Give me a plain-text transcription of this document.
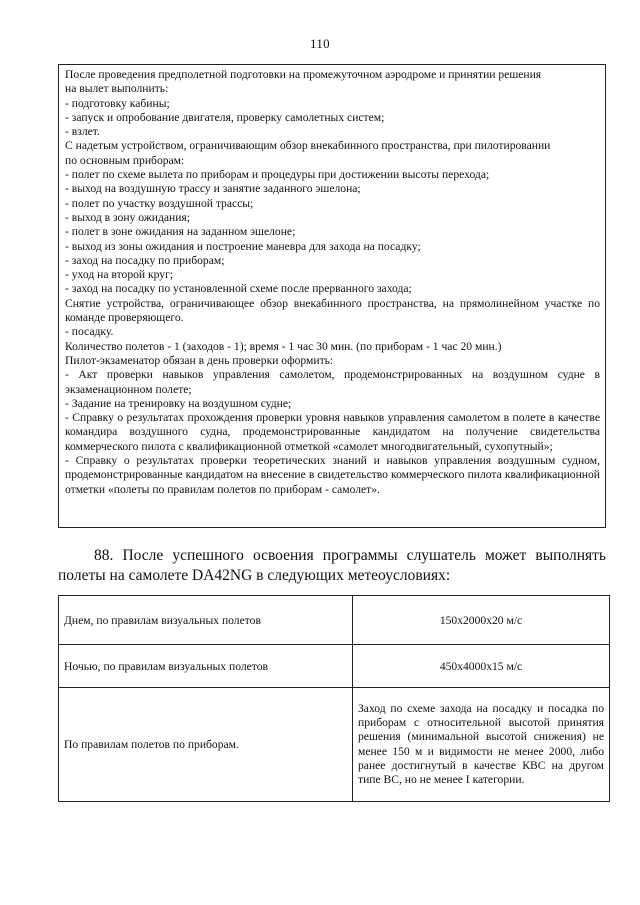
110
После проведения предполетной подготовки на промежуточном аэродроме и принятии решения
на вылет выполнить:
- подготовку кабины;
- запуск и опробование двигателя, проверку самолетных систем;
- взлет.
С надетым устройством, ограничивающим обзор внекабинного пространства, при пилотировании
по основным приборам:
- полет по схеме вылета по приборам и процедуры при достижении высоты перехода;
- выход на воздушную трассу и занятие заданного эшелона;
- полет по участку воздушной трассы;
- выход в зону ожидания;
- полет в зоне ожидания на заданном эшелоне;
- выход из зоны ожидания и построение маневра для захода на посадку;
- заход на посадку по приборам;
- уход на второй круг;
- заход на посадку по установленной схеме после прерванного захода;
Снятие устройства, ограничивающее обзор внекабинного пространства, на прямолинейном участке по команде проверяющего.
- посадку.
Количество полетов - 1 (заходов - 1); время - 1 час 30 мин. (по приборам - 1 час 20 мин.)
Пилот-экзаменатор обязан в день проверки оформить:
- Акт проверки навыков управления самолетом, продемонстрированных на воздушном судне в экзаменационном полете;
- Задание на тренировку на воздушном судне;
- Справку о результатах прохождения проверки уровня навыков управления самолетом в полете в качестве командира воздушного судна, продемонстрированные кандидатом на получение свидетельства коммерческого пилота с квалификационной отметкой «самолет многодвигательный, сухопутный»;
- Справку о результатах проверки теоретических знаний и навыков управления воздушным судном, продемонстрированные кандидатом на внесение в свидетельство коммерческого пилота квалификационной отметки «полеты по правилам полетов по приборам - самолет».
88. После успешного освоения программы слушатель может выполнять
полеты на самолете DA42NG в следующих метеоусловиях:
Днем, по правилам визуальных полетов	150х2000х20 м/с
Ночью, по правилам визуальных полетов	450х4000х15 м/с
По правилам полетов по приборам.	Заход по схеме захода на посадку и посадка по приборам с относительной высотой принятия решения (минимальной высотой снижения) не менее 150 м и видимости не менее 2000, либо ранее достигнутый в качестве КВС на другом типе ВС, но не менее I категории.
